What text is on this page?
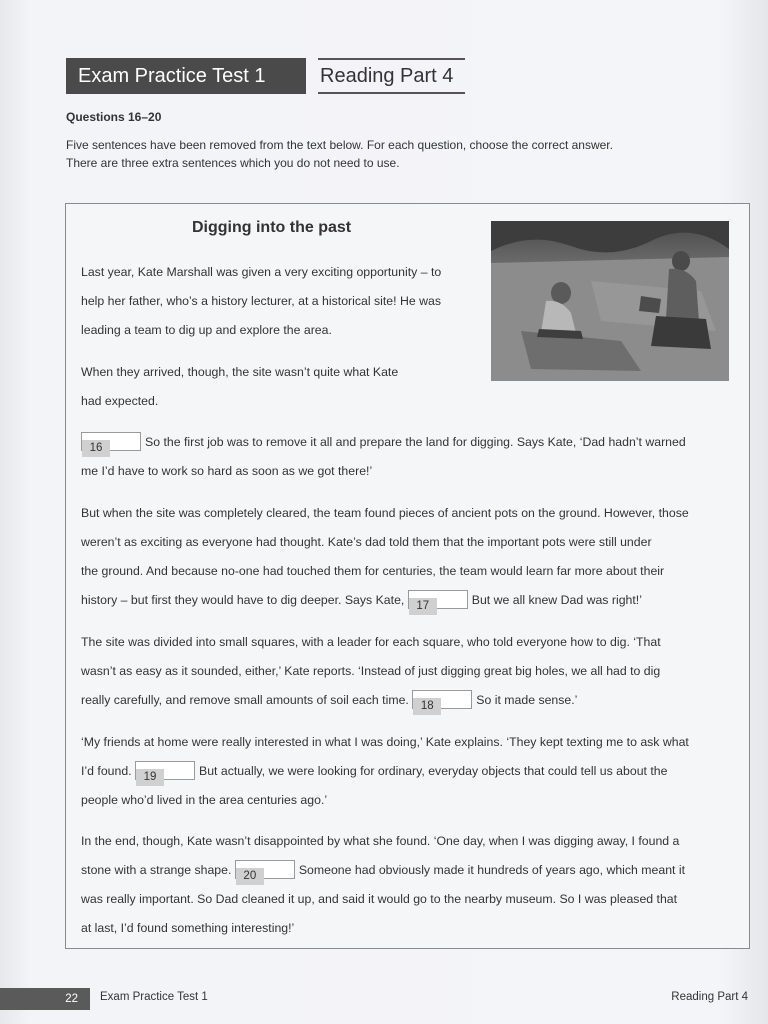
Exam Practice Test 1	Reading Part 4
Questions 16–20
Five sentences have been removed from the text below. For each question, choose the correct answer.
There are three extra sentences which you do not need to use.
Digging into the past
Last year, Kate Marshall was given a very exciting opportunity – to
help her father, who’s a history lecturer, at a historical site! He was
leading a team to dig up and explore the area.
When they arrived, though, the site wasn’t quite what Kate
had expected.
16	So the first job was to remove it all and prepare the land for digging. Says Kate, ‘Dad hadn’t warned
me I’d have to work so hard as soon as we got there!’
But when the site was completely cleared, the team found pieces of ancient pots on the ground. However, those
weren’t as exciting as everyone had thought. Kate’s dad told them that the important pots were still under
the ground. And because no-one had touched them for centuries, the team would learn far more about their
history – but first they would have to dig deeper. Says Kate, 17	But we all knew Dad was right!’
The site was divided into small squares, with a leader for each square, who told everyone how to dig. ‘That
wasn’t as easy as it sounded, either,’ Kate reports. ‘Instead of just digging great big holes, we all had to dig
really carefully, and remove small amounts of soil each time. 18	So it made sense.’
‘My friends at home were really interested in what I was doing,’ Kate explains. ‘They kept texting me to ask what
I’d found. 19	But actually, we were looking for ordinary, everyday objects that could tell us about the
people who’d lived in the area centuries ago.’
In the end, though, Kate wasn’t disappointed by what she found. ‘One day, when I was digging away, I found a
stone with a strange shape. 20	Someone had obviously made it hundreds of years ago, which meant it
was really important. So Dad cleaned it up, and said it would go to the nearby museum. So I was pleased that
at last, I’d found something interesting!’
22	Exam Practice Test 1	Reading Part 4
